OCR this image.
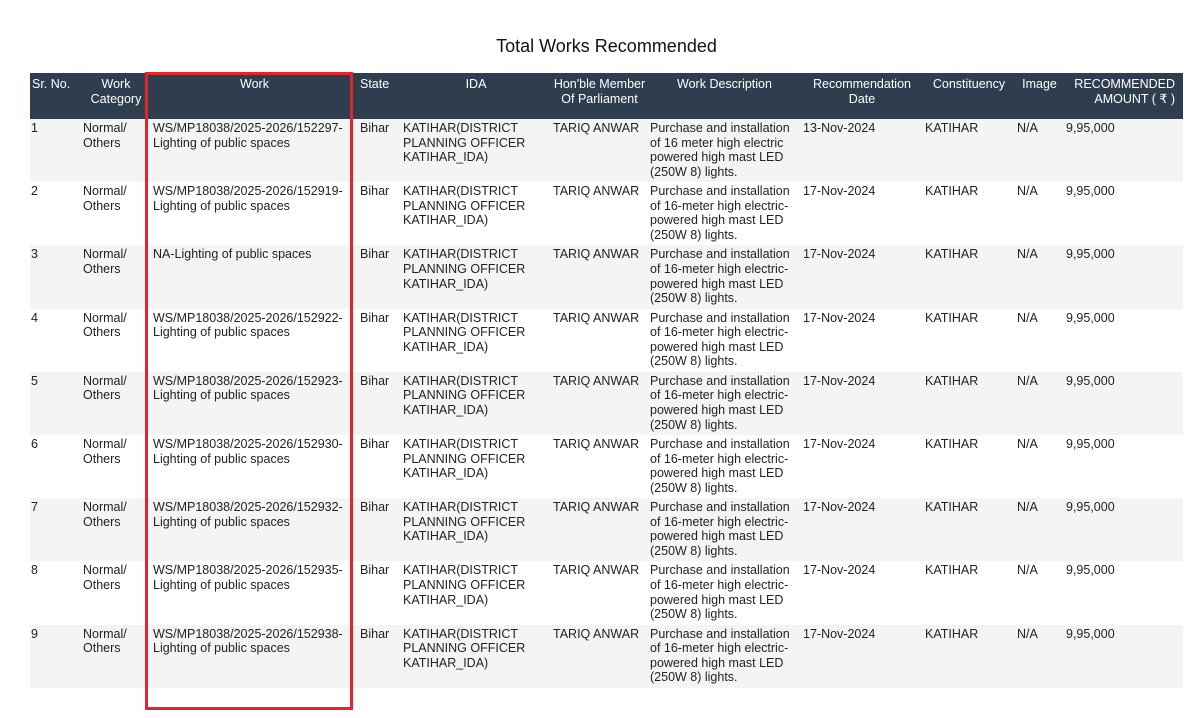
Total Works Recommended
Sr. No.	Work Category	Work	State	IDA	Hon'ble Member Of Parliament	Work Description	Recommendation Date	Constituency	Image	RECOMMENDED AMOUNT ( ₹ )
1	Normal/ Others	WS/MP18038/2025-2026/152297-Lighting of public spaces	Bihar	KATIHAR(DISTRICT PLANNING OFFICER KATIHAR_IDA)	TARIQ ANWAR	Purchase and installation of 16 meter high electric powered high mast LED (250W 8) lights.	13-Nov-2024	KATIHAR	N/A	9,95,000
2	Normal/ Others	WS/MP18038/2025-2026/152919-Lighting of public spaces	Bihar	KATIHAR(DISTRICT PLANNING OFFICER KATIHAR_IDA)	TARIQ ANWAR	Purchase and installation of 16-meter high electric-powered high mast LED (250W 8) lights.	17-Nov-2024	KATIHAR	N/A	9,95,000
3	Normal/ Others	NA-Lighting of public spaces	Bihar	KATIHAR(DISTRICT PLANNING OFFICER KATIHAR_IDA)	TARIQ ANWAR	Purchase and installation of 16-meter high electric-powered high mast LED (250W 8) lights.	17-Nov-2024	KATIHAR	N/A	9,95,000
4	Normal/ Others	WS/MP18038/2025-2026/152922-Lighting of public spaces	Bihar	KATIHAR(DISTRICT PLANNING OFFICER KATIHAR_IDA)	TARIQ ANWAR	Purchase and installation of 16-meter high electric-powered high mast LED (250W 8) lights.	17-Nov-2024	KATIHAR	N/A	9,95,000
5	Normal/ Others	WS/MP18038/2025-2026/152923-Lighting of public spaces	Bihar	KATIHAR(DISTRICT PLANNING OFFICER KATIHAR_IDA)	TARIQ ANWAR	Purchase and installation of 16-meter high electric-powered high mast LED (250W 8) lights.	17-Nov-2024	KATIHAR	N/A	9,95,000
6	Normal/ Others	WS/MP18038/2025-2026/152930-Lighting of public spaces	Bihar	KATIHAR(DISTRICT PLANNING OFFICER KATIHAR_IDA)	TARIQ ANWAR	Purchase and installation of 16-meter high electric-powered high mast LED (250W 8) lights.	17-Nov-2024	KATIHAR	N/A	9,95,000
7	Normal/ Others	WS/MP18038/2025-2026/152932-Lighting of public spaces	Bihar	KATIHAR(DISTRICT PLANNING OFFICER KATIHAR_IDA)	TARIQ ANWAR	Purchase and installation of 16-meter high electric-powered high mast LED (250W 8) lights.	17-Nov-2024	KATIHAR	N/A	9,95,000
8	Normal/ Others	WS/MP18038/2025-2026/152935-Lighting of public spaces	Bihar	KATIHAR(DISTRICT PLANNING OFFICER KATIHAR_IDA)	TARIQ ANWAR	Purchase and installation of 16-meter high electric-powered high mast LED (250W 8) lights.	17-Nov-2024	KATIHAR	N/A	9,95,000
9	Normal/ Others	WS/MP18038/2025-2026/152938-Lighting of public spaces	Bihar	KATIHAR(DISTRICT PLANNING OFFICER KATIHAR_IDA)	TARIQ ANWAR	Purchase and installation of 16-meter high electric-powered high mast LED (250W 8) lights.	17-Nov-2024	KATIHAR	N/A	9,95,000
